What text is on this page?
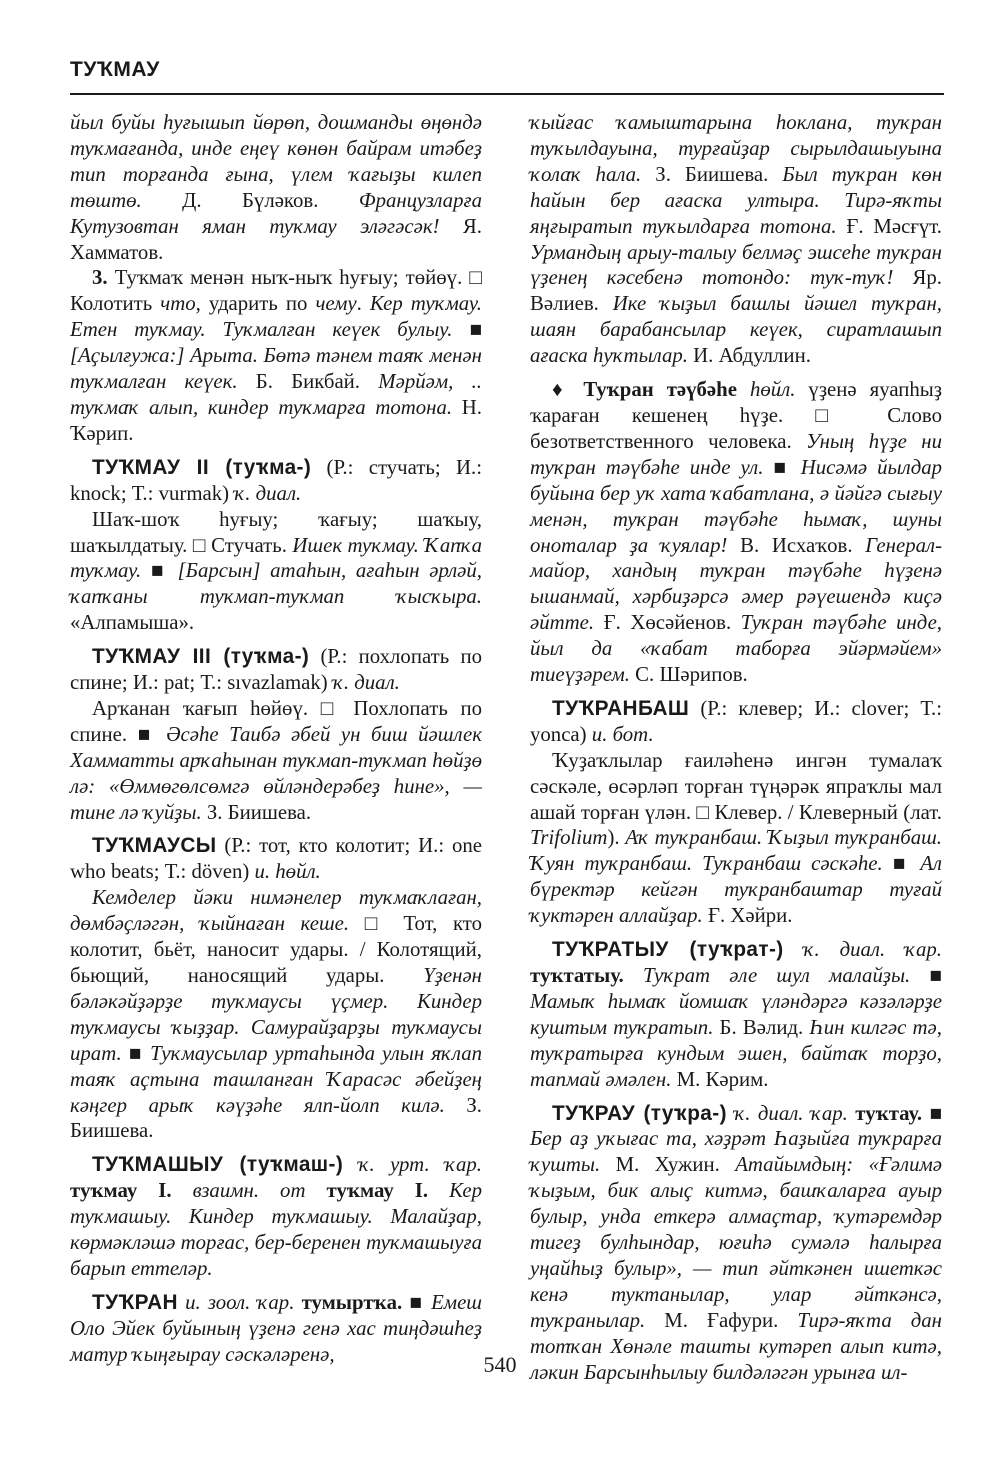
ТУҠМАУ

йыл буйы һуғышып йөрөп, дошманды өңөндә туҡмағанда, инде еңеү көнөн байрам итәбеҙ тип торғанда ғына, үлем ҡағыҙы килеп төштө. Д. Бүләков. Французларға Кутузовтан яман туҡмау эләгәсәк! Я. Хамматов.

3. Туҡмаҡ менән ныҡ-ныҡ һуғыу; төйөү. □ Колотить что, ударить по чему. Кер туҡмау. Етен туҡмау. Туҡмалған кеүек булыу. ■ [Аҫылғужа:] Арыта. Бөтә тәнем таяҡ менән туҡмалған кеүек. Б. Бикбай. Мәрйәм, .. туҡмаҡ алып, киндер туҡмарға тотона. Н. Ҡәрип.

ТУҠМАУ II (туҡма-) (Р.: стучать; И.: knock; Т.: vurmak) ҡ. диал.

Шаҡ-шоҡ һуғыу; ҡағыу; шаҡыу, шаҡылдатыу. □ Стучать. Ишек туҡмау. Ҡапҡа туҡмау. ■ [Барсын] атаһын, ағаһын әрләй, ҡапҡаны туҡмап-туҡмап ҡысҡыра. «Алпамыша».

ТУҠМАУ III (туҡма-) (Р.: похлопать по спине; И.: pat; Т.: sıvazlamak) ҡ. диал.

Арҡанан ҡағып һөйөү. □ Похлопать по спине. ■ Әсәһе Таибә əбей ун биш йәшлек Хамматты арҡаһынан туҡмап-туҡмап һөйҙө лә: «Өммөгөлсөмгә өйләндерәбеҙ һине», — тине лә ҡуйҙы. З. Биишева.

ТУҠМАУСЫ (Р.: тот, кто колотит; И.: one who beats; Т.: döven) и. һөйл.

Кемделер йәки нимәнелер туҡмаҡлаған, дөмбәҫләгән, ҡыйнаған кеше. □ Тот, кто колотит, бьёт, наносит удары. / Колотящий, бьющий, наносящий удары. Үҙенән бәләкәйҙәрҙе туҡмаусы үҫмер. Киндер туҡмаусы ҡыҙҙар. Самурайҙарҙы туҡмаусы ират. ■ Туҡмаусылар уртаһында улын яҡлап таяҡ аҫтына ташланған Ҡарасәс әбейҙең кәңгер арыҡ кәүҙәһе ялп-йолп килә. З. Биишева.

ТУҠМАШЫУ (туҡмаш-) ҡ. урт. ҡар. туҡмау I. взаимн. от туҡмау I. Кер туҡмашыу. Киндер туҡмашыу. Малайҙар, көрмәкләшә торғас, бер-беренен туҡмашыуға барып еттеләр.

ТУҠРАН и. зоол. ҡар. тумыртҡа. ■ Емеш Оло Эйек буйының үҙенә генә хас тиңдәшһеҙ матур ҡыңғырау сәскәләренә,

ҡыйғас ҡамыштарына һоклана, туҡран туҡылдауына, турғайҙар сырылдашыуына ҡолаҡ һала. З. Биишева. Был туҡран көн һайын бер ағаска ултыра. Тирә-яҡты яңғыратып туҡылдарға тотона. Ғ. Мәсғүт. Урмандың арыу-талыу белмәҫ эшсеһе туҡран үҙенең кәсебенә тотондо: туҡ-туҡ! Яр. Вәлиев. Ике ҡыҙыл башлы йәшел туҡран, шаян барабансылар кеүек, сиратлашып ағаска һуҡтылар. И. Абдуллин.

♦ Туҡран тәүбәһе һөйл. үҙенә яуапһыҙ ҡараған кешенең һүҙе. □ Слово безответственного человека. Уның һүҙе ни туҡран тәүбәһе инде ул. ■ Нисәмә йылдар буйына бер уҡ хата ҡабатлана, ә йәйгә сығыу менән, туҡран тәүбәһе һымаҡ, шуны оноталар ҙа ҡуялар! В. Исхаҡов. Генерал-майор, хандың туҡран тәүбәһе һүҙенә ышанмай, хәрбиҙәрсә әмер рәүешендә киҫә әйтте. Ғ. Хөсәйенов. Туҡран тәүбәһе инде, йыл да «ҡабат таборға эйәрмәйем» тиеүҙәрем. С. Шәрипов.

ТУҠРАНБАШ (Р.: клевер; И.: clover; Т.: yonca) и. бот.

Ҡуҙаҡлылар ғаиләһенә ингән тумалаҡ сәскәле, өсәрләп торған түңәрәк япраҡлы мал ашай торған үлән. □ Клевер. / Клеверный (лат. Trifolium). Аҡ туҡранбаш. Ҡыҙыл туҡранбаш. Ҡуян туҡранбаш. Туҡранбаш сәскәһе. ■ Ал бүректәр кейгән туҡранбаштар туғай ҡуктәрен аллайҙар. Ғ. Хәйри.

ТУҠРАТЫУ (туҡрат-) ҡ. диал. ҡар. туҡтатыу. Туҡрат әле шул малайҙы. ■ Мамыҡ һымаҡ йомшаҡ үләндәргә кәзәләрҙе куштым туҡратып. Б. Вәлид. Һин килгәс тә, туҡратырға кундым эшен, байтаҡ торҙо, тапмай әмәлен. М. Кәрим.

ТУҠРАУ (туҡра-) ҡ. диал. ҡар. туҡтау. ■ Бер аҙ уҡығас та, хәҙрәт Һаҙыйға туҡрарға ҡушты. М. Хужин. Атайымдың: «Ғәлимә ҡыҙым, бик алыҫ китмә, башҡаларға ауыр булыр, унда еткерә алмаҫтар, ҡутәремдәр тигеҙ булһындар, юғиһә сумәлә һалырға уңайһыҙ булыр», — тип әйткәнен ишеткәс кенә туктанылар, улар әйткәнсә, туҡранылар. М. Ғафури. Тирә-яҡта дан тотҡан Хөнәле ташты кутәреп алып китә, ләкин Барсынһылыу билдәләгән урынға ил-

540
